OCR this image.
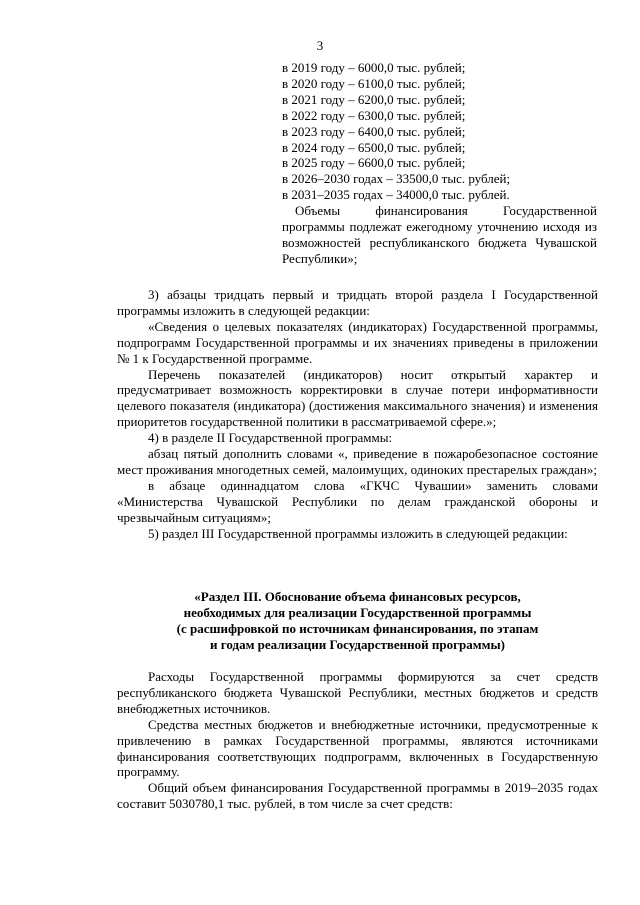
3
в 2019 году – 6000,0 тыс. рублей;
в 2020 году – 6100,0 тыс. рублей;
в 2021 году – 6200,0 тыс. рублей;
в 2022 году – 6300,0 тыс. рублей;
в 2023 году – 6400,0 тыс. рублей;
в 2024 году – 6500,0 тыс. рублей;
в 2025 году – 6600,0 тыс. рублей;
в 2026–2030 годах – 33500,0 тыс. рублей;
в 2031–2035 годах – 34000,0 тыс. рублей.

Объемы финансирования Государственной программы подлежат ежегодному уточнению исходя из возможностей республиканского бюджета Чувашской Республики»;

3) абзацы тридцать первый и тридцать второй раздела I Государственной программы изложить в следующей редакции:

«Сведения о целевых показателях (индикаторах) Государственной программы, подпрограмм Государственной программы и их значениях приведены в приложении № 1 к Государственной программе.

Перечень показателей (индикаторов) носит открытый характер и предусматривает возможность корректировки в случае потери информативности целевого показателя (индикатора) (достижения максимального значения) и изменения приоритетов государственной политики в рассматриваемой сфере.»;

4) в разделе II Государственной программы:

абзац пятый дополнить словами «, приведение в пожаробезопасное состояние мест проживания многодетных семей, малоимущих, одиноких престарелых граждан»;

в абзаце одиннадцатом слова «ГКЧС Чувашии» заменить словами «Министерства Чувашской Республики по делам гражданской обороны и чрезвычайным ситуациям»;

5) раздел III Государственной программы изложить в следующей редакции:

«Раздел III. Обоснование объема финансовых ресурсов,
необходимых для реализации Государственной программы
(с расшифровкой по источникам финансирования, по этапам
и годам реализации Государственной программы)

Расходы Государственной программы формируются за счет средств республиканского бюджета Чувашской Республики, местных бюджетов и средств внебюджетных источников.

Средства местных бюджетов и внебюджетные источники, предусмотренные к привлечению в рамках Государственной программы, являются источниками финансирования соответствующих подпрограмм, включенных в Государственную программу.

Общий объем финансирования Государственной программы в 2019–2035 годах составит 5030780,1 тыс. рублей, в том числе за счет средств:
